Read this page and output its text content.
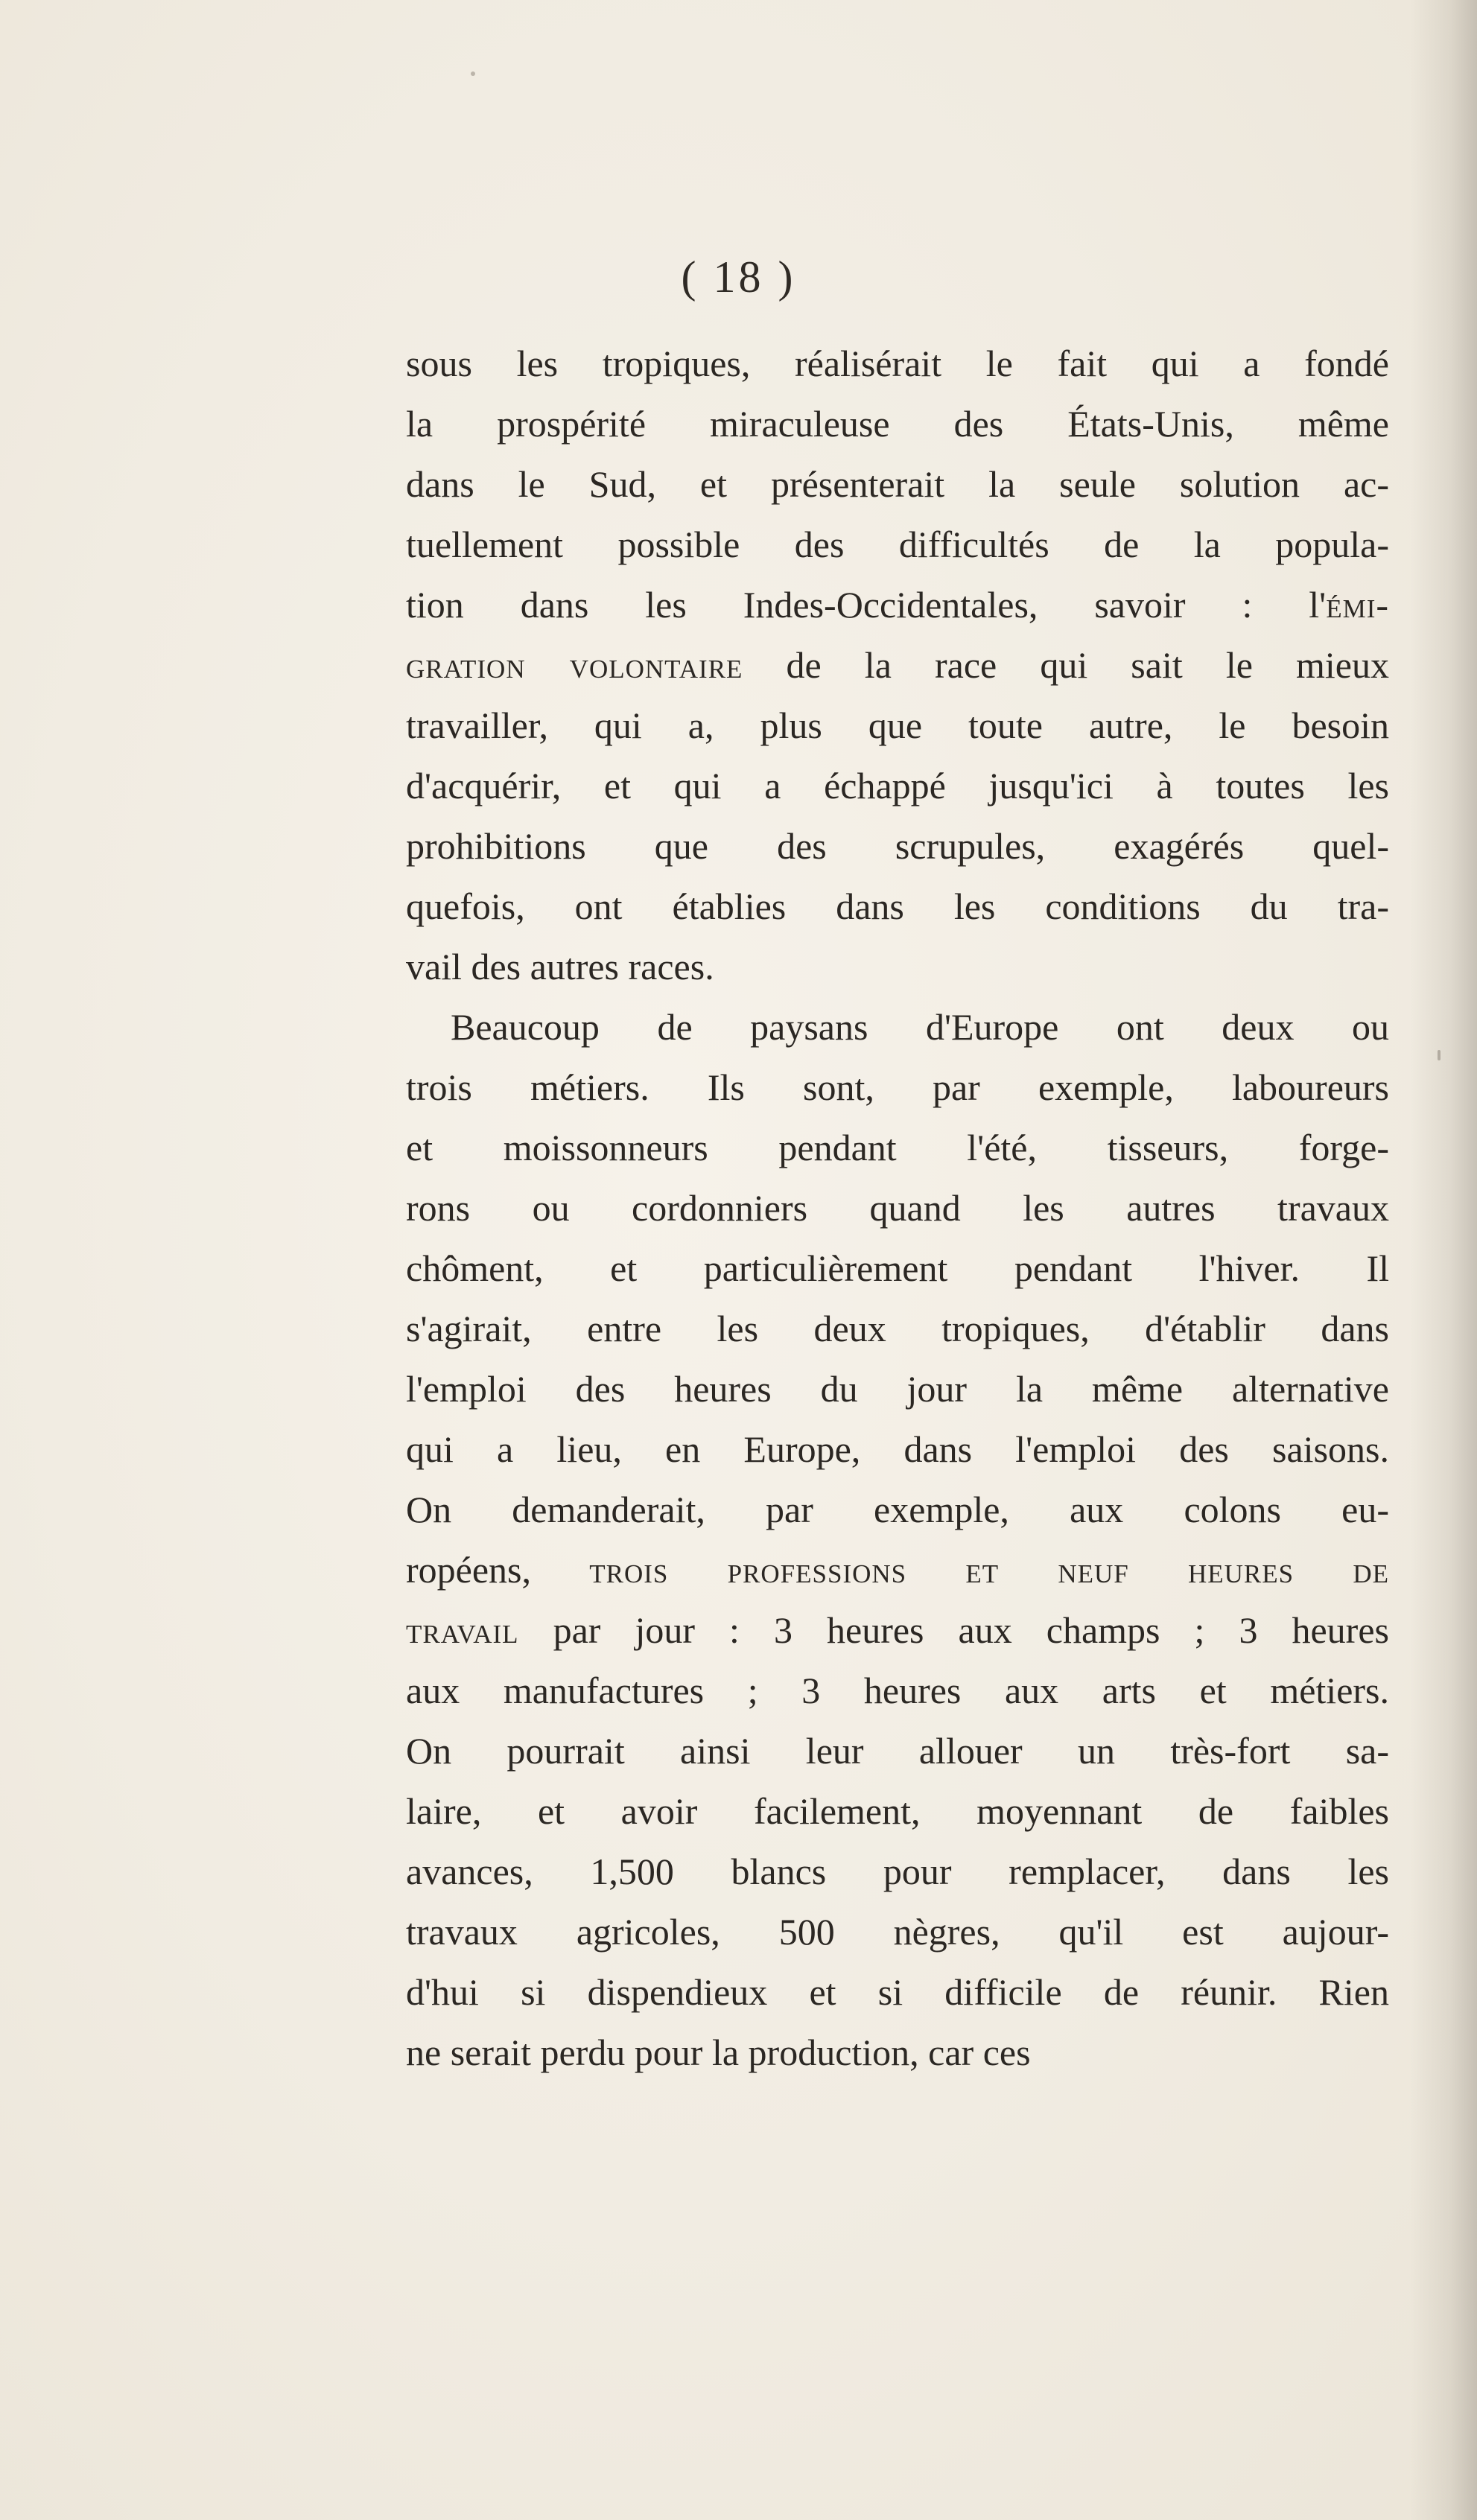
( 18 )
sous les tropiques, réalisérait le fait qui a fondé
la prospérité miraculeuse des États-Unis, même
dans le Sud, et présenterait la seule solution ac-
tuellement possible des difficultés de la popula-
tion dans les Indes-Occidentales, savoir : l'émi-
gration volontaire de la race qui sait le mieux
travailler, qui a, plus que toute autre, le besoin
d'acquérir, et qui a échappé jusqu'ici à toutes les
prohibitions que des scrupules, exagérés quel-
quefois, ont établies dans les conditions du tra-
vail des autres races.
Beaucoup de paysans d'Europe ont deux ou
trois métiers. Ils sont, par exemple, laboureurs
et moissonneurs pendant l'été, tisseurs, forge-
rons ou cordonniers quand les autres travaux
chôment, et particulièrement pendant l'hiver. Il
s'agirait, entre les deux tropiques, d'établir dans
l'emploi des heures du jour la même alternative
qui a lieu, en Europe, dans l'emploi des saisons.
On demanderait, par exemple, aux colons eu-
ropéens, trois professions et neuf heures de
travail par jour : 3 heures aux champs ; 3 heures
aux manufactures ; 3 heures aux arts et métiers.
On pourrait ainsi leur allouer un très-fort sa-
laire, et avoir facilement, moyennant de faibles
avances, 1,500 blancs pour remplacer, dans les
travaux agricoles, 500 nègres, qu'il est aujour-
d'hui si dispendieux et si difficile de réunir. Rien
ne serait perdu pour la production, car ces
